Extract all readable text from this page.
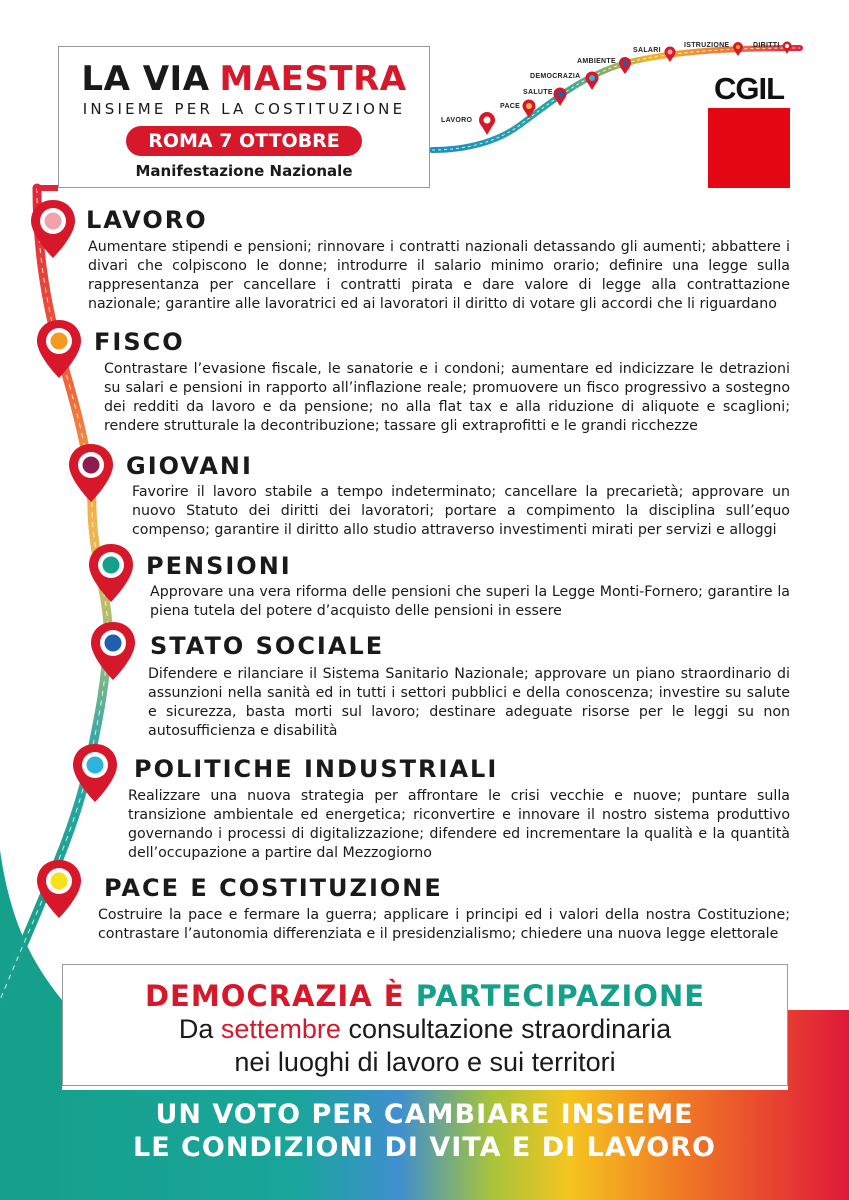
LA VIA MAESTRA
INSIEME PER LA COSTITUZIONE
ROMA 7 OTTOBRE
Manifestazione Nazionale
CGIL
LAVORO
PACE
SALUTE
DEMOCRAZIA
AMBIENTE
SALARI
ISTRUZIONE	DIRITTI
LAVORO
Aumentare stipendi e pensioni; rinnovare i contratti nazionali detassando gli aumenti; abbattere i divari che colpiscono le donne; introdurre il salario minimo orario; definire una legge sulla rappresentanza per cancellare i contratti pirata e dare valore di legge alla contrattazione nazionale; garantire alle lavoratrici ed ai lavoratori il diritto di votare gli accordi che li riguardano
FISCO
Contrastare l’evasione fiscale, le sanatorie e i condoni; aumentare ed indicizzare le detrazioni su salari e pensioni in rapporto all’inflazione reale; promuovere un fisco progressivo a sostegno dei redditi da lavoro e da pensione; no alla flat tax e alla riduzione di aliquote e scaglioni; rendere strutturale la decontribuzione; tassare gli extraprofitti e le grandi ricchezze
GIOVANI
Favorire il lavoro stabile a tempo indeterminato; cancellare la precarietà; approvare un nuovo Statuto dei diritti dei lavoratori; portare a compimento la disciplina sull’equo compenso; garantire il diritto allo studio attraverso investimenti mirati per servizi e alloggi
PENSIONI
Approvare una vera riforma delle pensioni che superi la Legge Monti-Fornero; garantire la piena tutela del potere d’acquisto delle pensioni in essere
STATO SOCIALE
Difendere e rilanciare il Sistema Sanitario Nazionale; approvare un piano straordinario di assunzioni nella sanità ed in tutti i settori pubblici e della conoscenza; investire su salute e sicurezza, basta morti sul lavoro; destinare adeguate risorse per le leggi su non autosufficienza e disabilità
POLITICHE INDUSTRIALI
Realizzare una nuova strategia per affrontare le crisi vecchie e nuove; puntare sulla transizione ambientale ed energetica; riconvertire e innovare il nostro sistema produttivo governando i processi di digitalizzazione; difendere ed incrementare la qualità e la quantità dell’occupazione a partire dal Mezzogiorno
PACE E COSTITUZIONE
Costruire la pace e fermare la guerra; applicare i principi ed i valori della nostra Costituzione; contrastare l’autonomia differenziata e il presidenzialismo; chiedere una nuova legge elettorale
DEMOCRAZIA È PARTECIPAZIONE
Da settembre consultazione straordinaria
nei luoghi di lavoro e sui territori
UN VOTO PER CAMBIARE INSIEME
LE CONDIZIONI DI VITA E DI LAVORO
